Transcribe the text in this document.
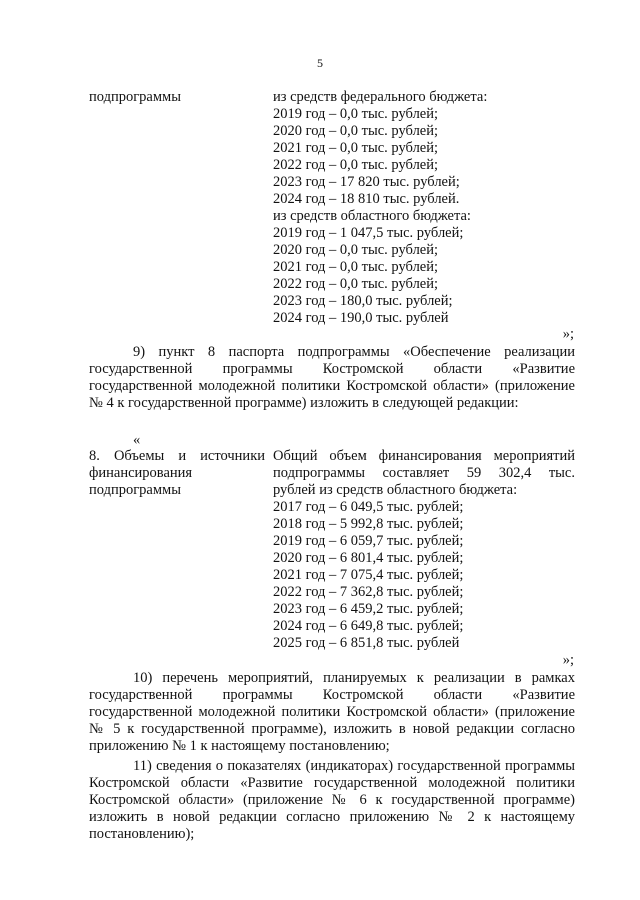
5
подпрограммы	из средств федерального бюджета:
2019 год – 0,0 тыс. рублей;
2020 год – 0,0 тыс. рублей;
2021 год – 0,0 тыс. рублей;
2022 год – 0,0 тыс. рублей;
2023 год – 17 820 тыс. рублей;
2024 год – 18 810 тыс. рублей.
из средств областного бюджета:
2019 год – 1 047,5 тыс. рублей;
2020 год – 0,0 тыс. рублей;
2021 год – 0,0 тыс. рублей;
2022 год – 0,0 тыс. рублей;
2023 год – 180,0 тыс. рублей;
2024 год – 190,0 тыс. рублей
»;
9) пункт 8 паспорта подпрограммы «Обеспечение реализации государственной программы Костромской области «Развитие государственной молодежной политики Костромской области» (приложение № 4 к государственной программе) изложить в следующей редакции:
«
8. Объемы и источники
финансирования
подпрограммы
Общий объем финансирования мероприятий
подпрограммы составляет 59 302,4 тыс.
рублей из средств областного бюджета:
2017 год – 6 049,5 тыс. рублей;
2018 год – 5 992,8 тыс. рублей;
2019 год – 6 059,7 тыс. рублей;
2020 год – 6 801,4 тыс. рублей;
2021 год – 7 075,4 тыс. рублей;
2022 год – 7 362,8 тыс. рублей;
2023 год – 6 459,2 тыс. рублей;
2024 год – 6 649,8 тыс. рублей;
2025 год – 6 851,8 тыс. рублей
»;
10) перечень мероприятий, планируемых к реализации в рамках государственной программы Костромской области «Развитие государственной молодежной политики Костромской области» (приложение № 5 к государственной программе), изложить в новой редакции согласно приложению № 1 к настоящему постановлению;
11) сведения о показателях (индикаторах) государственной программы Костромской области «Развитие государственной молодежной политики Костромской области» (приложение № 6 к государственной программе) изложить в новой редакции согласно приложению № 2 к настоящему постановлению);
